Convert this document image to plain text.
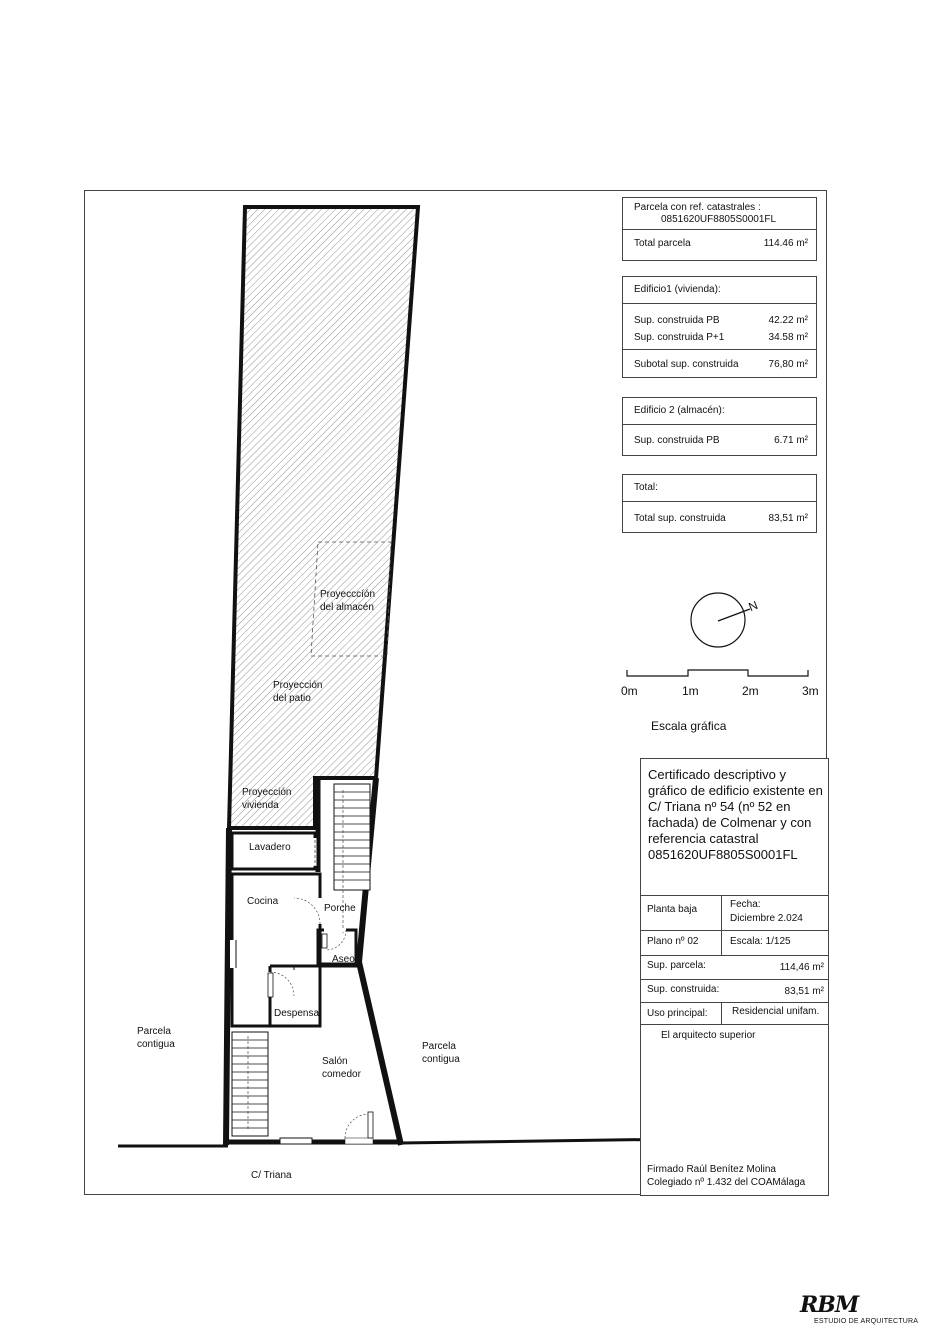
Parcela con ref. catastrales :
0851620UF8805S0001FL
Total parcela	114.46 m²
Edificio1 (vivienda):
Sup. construida PB	42.22 m²
Sup. construida P+1	34.58 m²
Subotal sup. construida	76,80 m²
Edificio 2 (almacén):
Sup. construida PB	6.71 m²
Total:
Total sup. construida	83,51 m²
N
0m	1m	2m	3m
Escala gráfica
Proyecccíón
del almacén
Proyección
del patio
Proyección
vivienda
Lavadero
Cocina
Porche
Aseo
Despensa
Salón
comedor
Parcela
contigua	Parcela
contigua
C/ Triana
Certificado descriptivo y gráfico de edificio existente en C/ Triana nº 54 (nº 52 en fachada) de Colmenar y con referencia catastral 0851620UF8805S0001FL
Planta baja	Fecha:
Diciembre 2.024
Plano nº 02	Escala: 1/125
Sup. parcela:	114,46 m²
Sup. construida:	83,51 m²
Uso principal: Residencial unifam.
El arquitecto superior
Firmado Raúl Benítez Molina
Colegiado nº 1.432 del COAMálaga
RBM
ESTUDIO DE ARQUITECTURA
